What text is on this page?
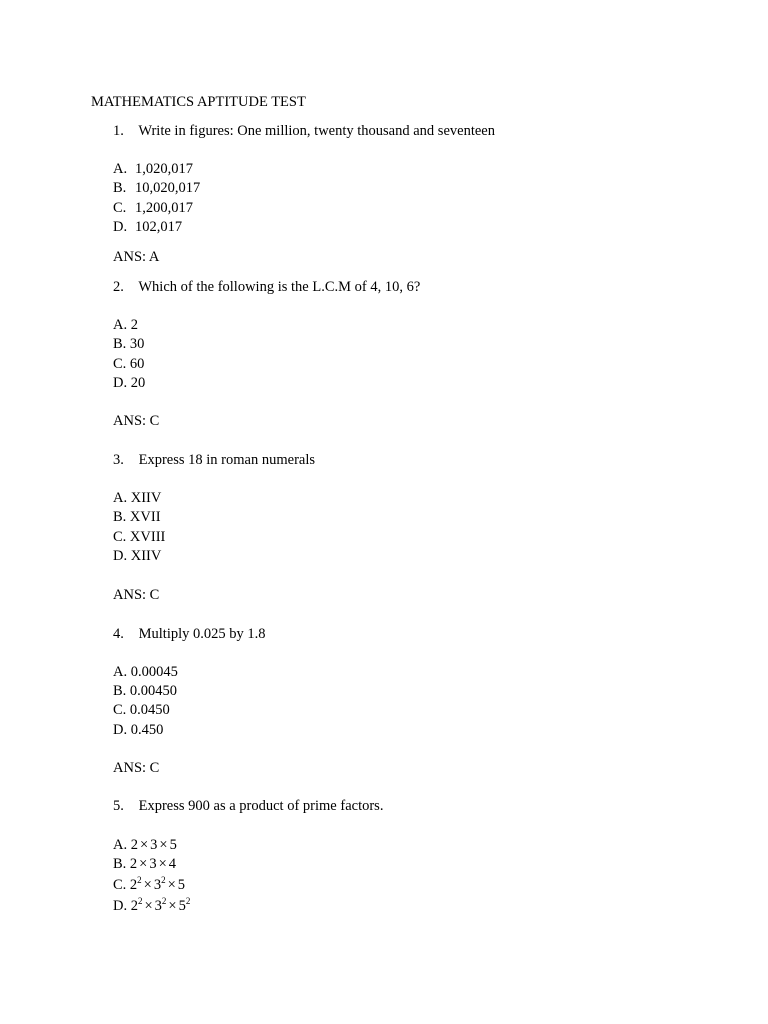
MATHEMATICS APTITUDE TEST
1. Write in figures: One million, twenty thousand and seventeen
A. 1,020,017
B. 10,020,017
C. 1,200,017
D. 102,017
ANS: A
2. Which of the following is the L.C.M of 4, 10, 6?
A. 2
B. 30
C. 60
D. 20
ANS: C
3. Express 18 in roman numerals
A. XIIV
B. XVII
C. XVIII
D. XIIV
ANS: C
4. Multiply 0.025 by 1.8
A. 0.00045
B. 0.00450
C. 0.0450
D. 0.450
ANS: C
5. Express 900 as a product of prime factors.
A. 2 × 3 × 5
B. 2 × 3 × 4
C. $2^2 \times 3^2 \times 5$
D. $2^2 \times 3^2 \times 5^2$
